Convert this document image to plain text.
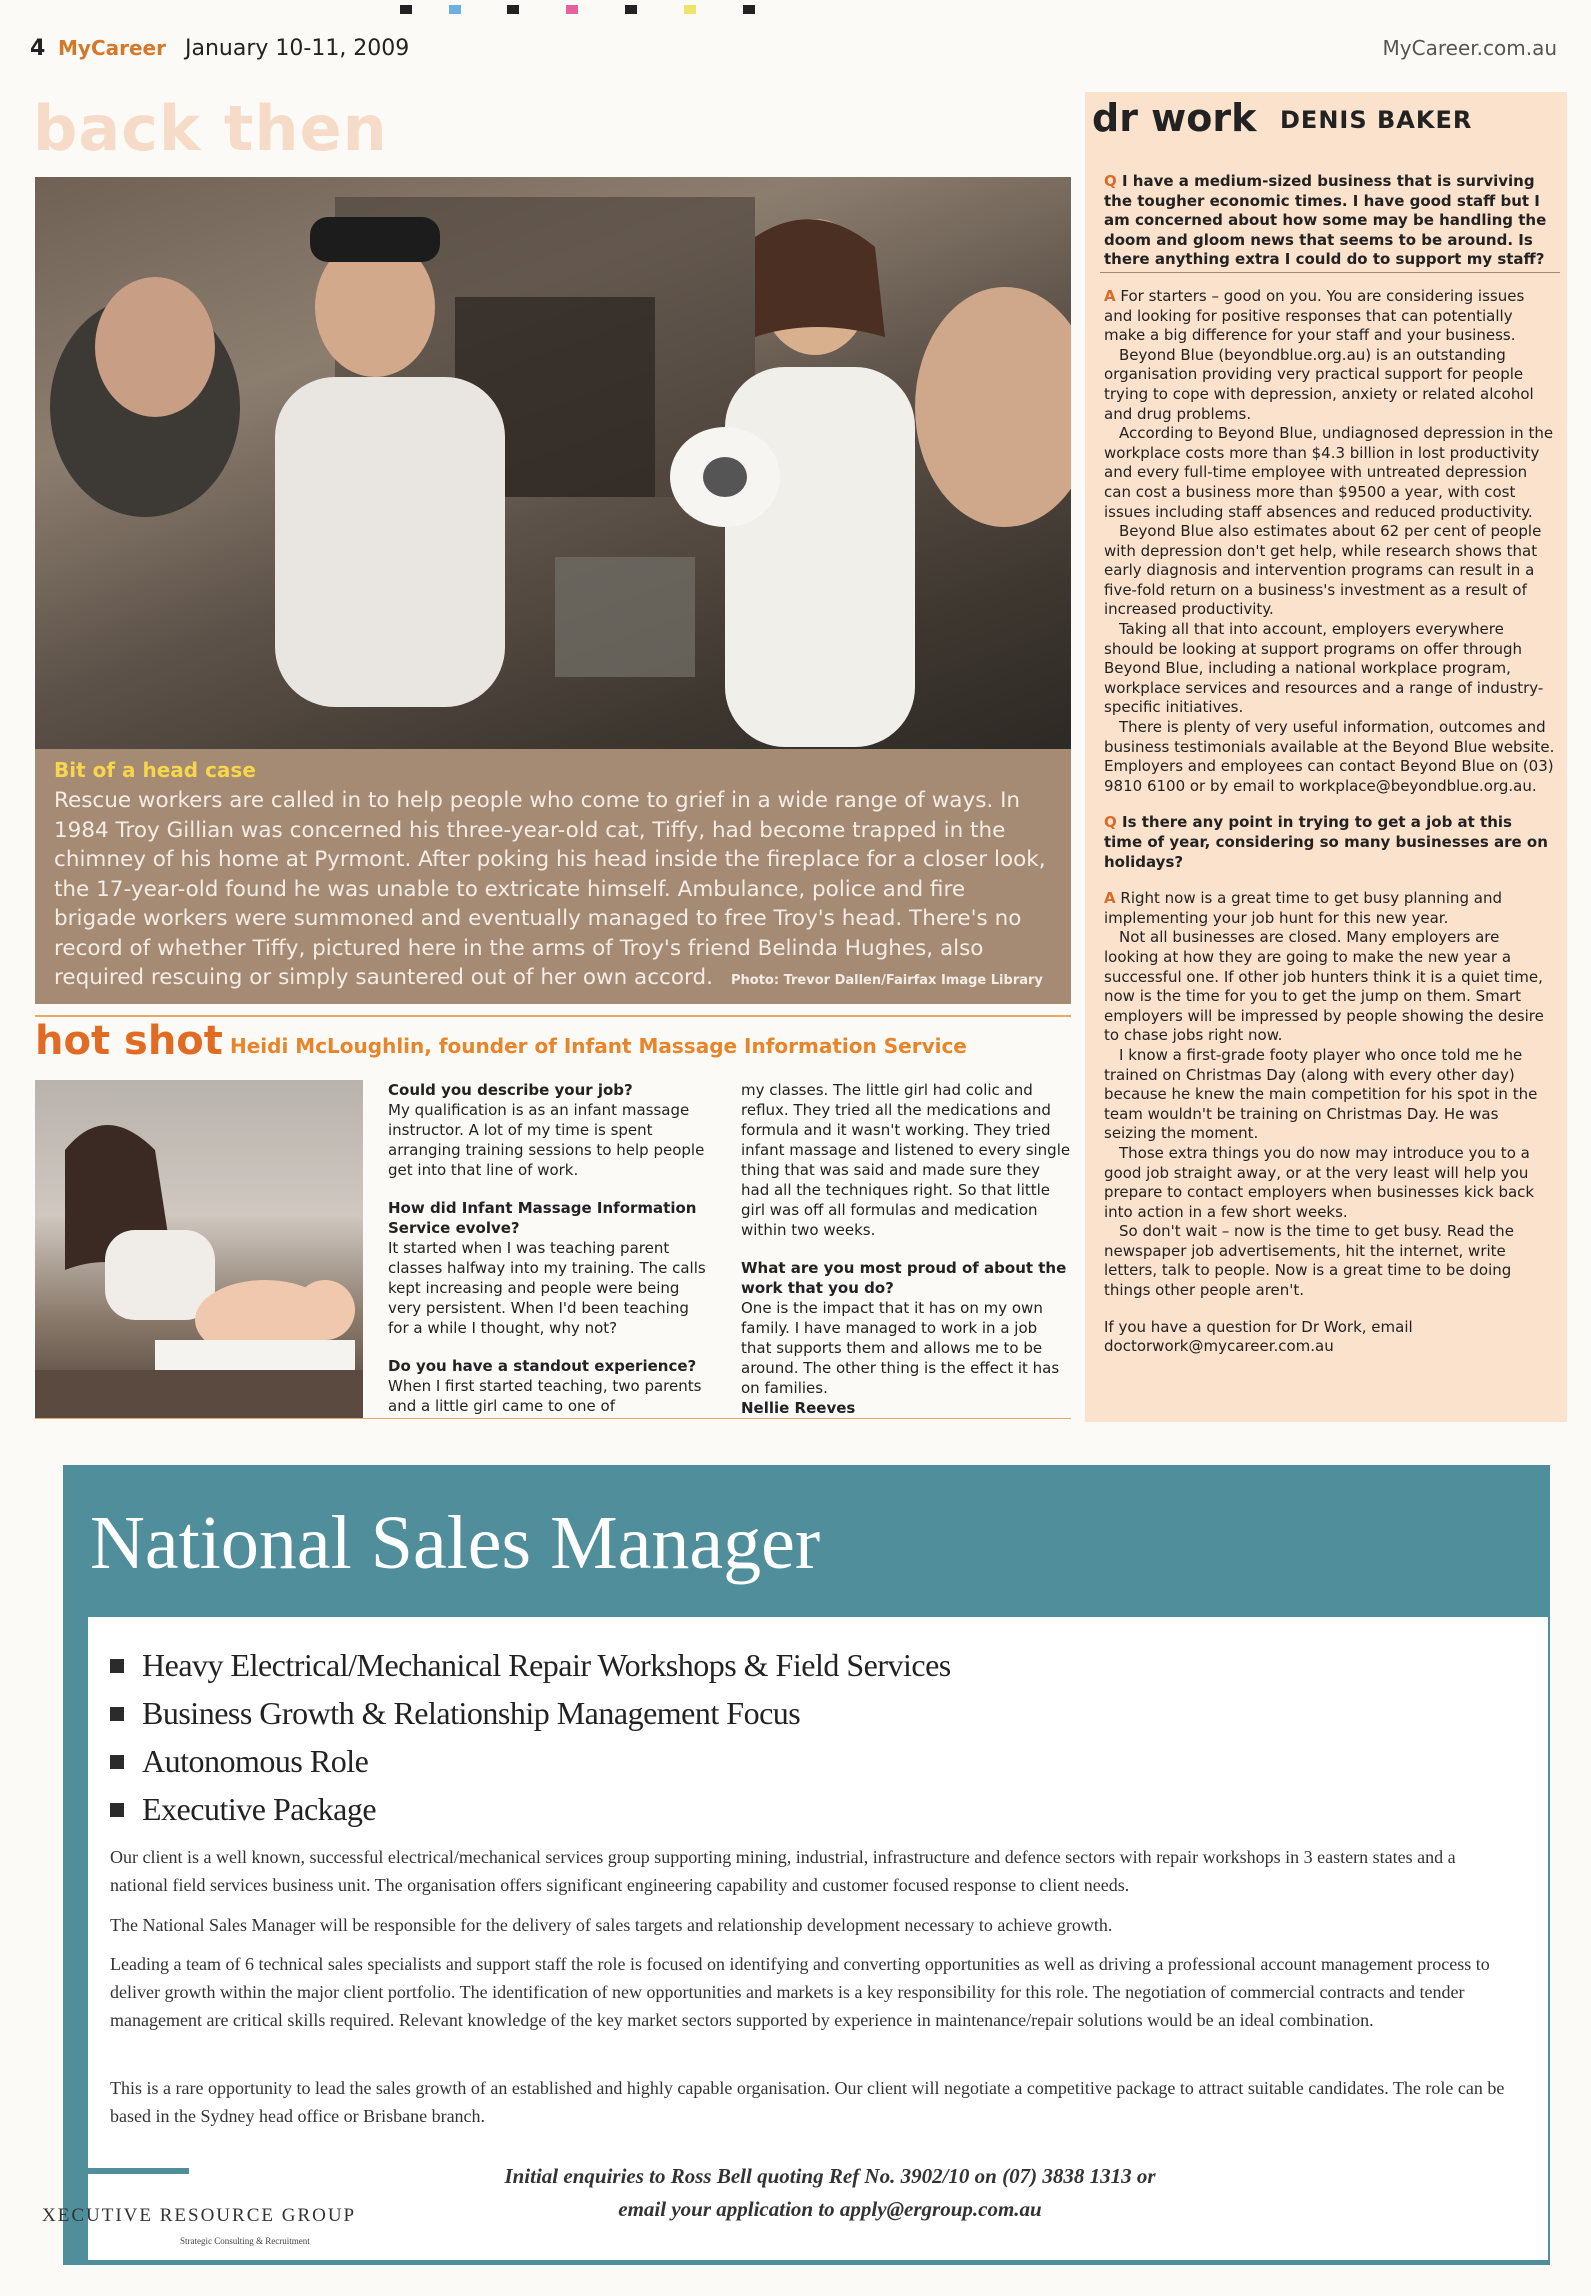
4 MyCareer January 10-11, 2009	MyCareer.com.au
back then
Bit of a head case
Rescue workers are called in to help people who come to grief in a wide range of ways. In 1984 Troy Gillian was concerned his three-year-old cat, Tiffy, had become trapped in the chimney of his home at Pyrmont. After poking his head inside the fireplace for a closer look, the 17-year-old found he was unable to extricate himself. Ambulance, police and fire brigade workers were summoned and eventually managed to free Troy's head. There's no record of whether Tiffy, pictured here in the arms of Troy's friend Belinda Hughes, also required rescuing or simply sauntered out of her own accord. Photo: Trevor Dallen/Fairfax Image Library
hot shot Heidi McLoughlin, founder of Infant Massage Information Service

Could you describe your job?
My qualification is as an infant massage instructor. A lot of my time is spent arranging training sessions to help people get into that line of work.

How did Infant Massage Information Service evolve?
It started when I was teaching parent classes halfway into my training. The calls kept increasing and people were being very persistent. When I'd been teaching for a while I thought, why not?

Do you have a standout experience?
When I first started teaching, two parents and a little girl came to one of

my classes. The little girl had colic and reflux. They tried all the medications and formula and it wasn't working. They tried infant massage and listened to every single thing that was said and made sure they had all the techniques right. So that little girl was off all formulas and medication within two weeks.

What are you most proud of about the work that you do?
One is the impact that it has on my own family. I have managed to work in a job that supports them and allows me to be around. The other thing is the effect it has on families.
Nellie Reeves

dr work DENIS BAKER

Q I have a medium-sized business that is surviving the tougher economic times. I have good staff but I am concerned about how some may be handling the doom and gloom news that seems to be around. Is there anything extra I could do to support my staff?

A For starters – good on you. You are considering issues and looking for positive responses that can potentially make a big difference for your staff and your business.

Beyond Blue (beyondblue.org.au) is an outstanding organisation providing very practical support for people trying to cope with depression, anxiety or related alcohol and drug problems.

According to Beyond Blue, undiagnosed depression in the workplace costs more than $4.3 billion in lost productivity and every full-time employee with untreated depression can cost a business more than $9500 a year, with cost issues including staff absences and reduced productivity.

Beyond Blue also estimates about 62 per cent of people with depression don't get help, while research shows that early diagnosis and intervention programs can result in a five-fold return on a business's investment as a result of increased productivity.

Taking all that into account, employers everywhere should be looking at support programs on offer through Beyond Blue, including a national workplace program, workplace services and resources and a range of industry-specific initiatives.

There is plenty of very useful information, outcomes and business testimonials available at the Beyond Blue website. Employers and employees can contact Beyond Blue on (03) 9810 6100 or by email to workplace@beyondblue.org.au.

Q Is there any point in trying to get a job at this time of year, considering so many businesses are on holidays?

A Right now is a great time to get busy planning and implementing your job hunt for this new year.

Not all businesses are closed. Many employers are looking at how they are going to make the new year a successful one. If other job hunters think it is a quiet time, now is the time for you to get the jump on them. Smart employers will be impressed by people showing the desire to chase jobs right now.

I know a first-grade footy player who once told me he trained on Christmas Day (along with every other day) because he knew the main competition for his spot in the team wouldn't be training on Christmas Day. He was seizing the moment.

Those extra things you do now may introduce you to a good job straight away, or at the very least will help you prepare to contact employers when businesses kick back into action in a few short weeks.

So don't wait – now is the time to get busy. Read the newspaper job advertisements, hit the internet, write letters, talk to people. Now is a great time to be doing things other people aren't.

If you have a question for Dr Work, email doctorwork@mycareer.com.au

National Sales Manager
Heavy Electrical/Mechanical Repair Workshops & Field Services
Business Growth & Relationship Management Focus
Autonomous Role
Executive Package

Our client is a well known, successful electrical/mechanical services group supporting mining, industrial, infrastructure and defence sectors with repair workshops in 3 eastern states and a national field services business unit. The organisation offers significant engineering capability and customer focused response to client needs.

The National Sales Manager will be responsible for the delivery of sales targets and relationship development necessary to achieve growth.

Leading a team of 6 technical sales specialists and support staff the role is focused on identifying and converting opportunities as well as driving a professional account management process to deliver growth within the major client portfolio. The identification of new opportunities and markets is a key responsibility for this role. The negotiation of commercial contracts and tender management are critical skills required. Relevant knowledge of the key market sectors supported by experience in maintenance/repair solutions would be an ideal combination.

This is a rare opportunity to lead the sales growth of an established and highly capable organisation. Our client will negotiate a competitive package to attract suitable candidates. The role can be based in the Sydney head office or Brisbane branch.

Initial enquiries to Ross Bell quoting Ref No. 3902/10 on (07) 3838 1313 or
email your application to apply@ergroup.com.au
XECUTIVE RESOURCE GROUP
Strategic Consulting & Recruitment
